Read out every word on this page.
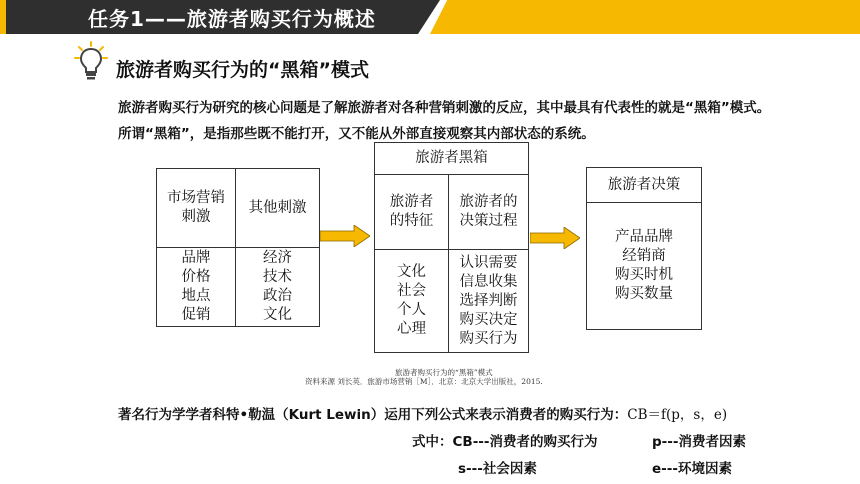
任务1——旅游者购买行为概述
旅游者购买行为的“黑箱”模式
旅游者购买行为研究的核心问题是了解旅游者对各种营销刺激的反应，其中最具有代表性的就是“黑箱”模式。
所谓“黑箱”，是指那些既不能打开，又不能从外部直接观察其内部状态的系统。
市场营销
刺激
其他刺激
品牌
价格
地点
促销
经济
技术
政治
文化
旅游者黑箱
旅游者
的特征
旅游者的
决策过程
文化
社会
个人
心理
认识需要
信息收集
选择判断
购买决定
购买行为
旅游者决策
产品品牌
经销商
购买时机
购买数量
旅游者购买行为的“黑箱”模式
资料来源 刘长英．旅游市场营销［M］．北京：北京大学出版社，2015.
著名行为学学者科特•勒温（Kurt Lewin）运用下列公式来表示消费者的购买行为：CB＝f(p，s，e)
式中：CB---消费者的购买行为	p---消费者因素
s---社会因素	e---环境因素
